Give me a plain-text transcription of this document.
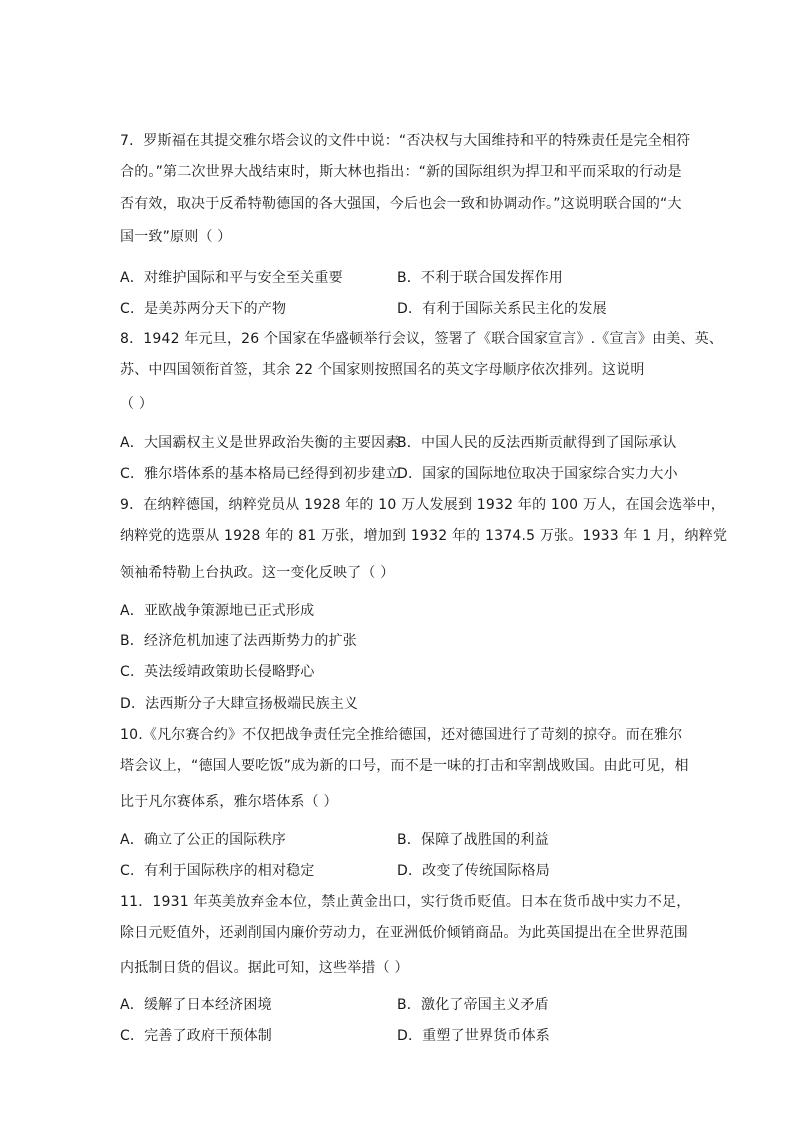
7．罗斯福在其提交雅尔塔会议的文件中说：“否决权与大国维持和平的特殊责任是完全相符
合的。”第二次世界大战结束时，斯大林也指出：“新的国际组织为捍卫和平而采取的行动是
否有效，取决于反希特勒德国的各大强国，今后也会一致和协调动作。”这说明联合国的“大
国一致”原则（ ）
A．对维护国际和平与安全至关重要	B．不利于联合国发挥作用
C．是美苏两分天下的产物	D．有利于国际关系民主化的发展
8．1942 年元旦，26 个国家在华盛顿举行会议，签署了《联合国家宣言》.《宣言》由美、英、
苏、中四国领衔首签，其余 22 个国家则按照国名的英文字母顺序依次排列。这说明
（ ）
A．大国霸权主义是世界政治失衡的主要因素
B．中国人民的反法西斯贡献得到了国际承认
C．雅尔塔体系的基本格局已经得到初步建立
D．国家的国际地位取决于国家综合实力大小
9．在纳粹德国，纳粹党员从 1928 年的 10 万人发展到 1932 年的 100 万人，在国会选举中，
纳粹党的选票从 1928 年的 81 万张，增加到 1932 年的 1374.5 万张。1933 年 1 月，纳粹党
领袖希特勒上台执政。这一变化反映了（ ）
A．亚欧战争策源地已正式形成
B．经济危机加速了法西斯势力的扩张
C．英法绥靖政策助长侵略野心
D．法西斯分子大肆宣扬极端民族主义
10.《凡尔赛合约》不仅把战争责任完全推给德国，还对德国进行了苛刻的掠夺。而在雅尔
塔会议上，“德国人要吃饭”成为新的口号，而不是一味的打击和宰割战败国。由此可见，相
比于凡尔赛体系，雅尔塔体系（ ）
A．确立了公正的国际秩序	B．保障了战胜国的利益
C．有利于国际秩序的相对稳定	D．改变了传统国际格局
11．1931 年英美放弃金本位，禁止黄金出口，实行货币贬值。日本在货币战中实力不足，
除日元贬值外，还剥削国内廉价劳动力，在亚洲低价倾销商品。为此英国提出在全世界范围
内抵制日货的倡议。据此可知，这些举措（ ）
A．缓解了日本经济困境	B．激化了帝国主义矛盾
C．完善了政府干预体制	D．重塑了世界货币体系
